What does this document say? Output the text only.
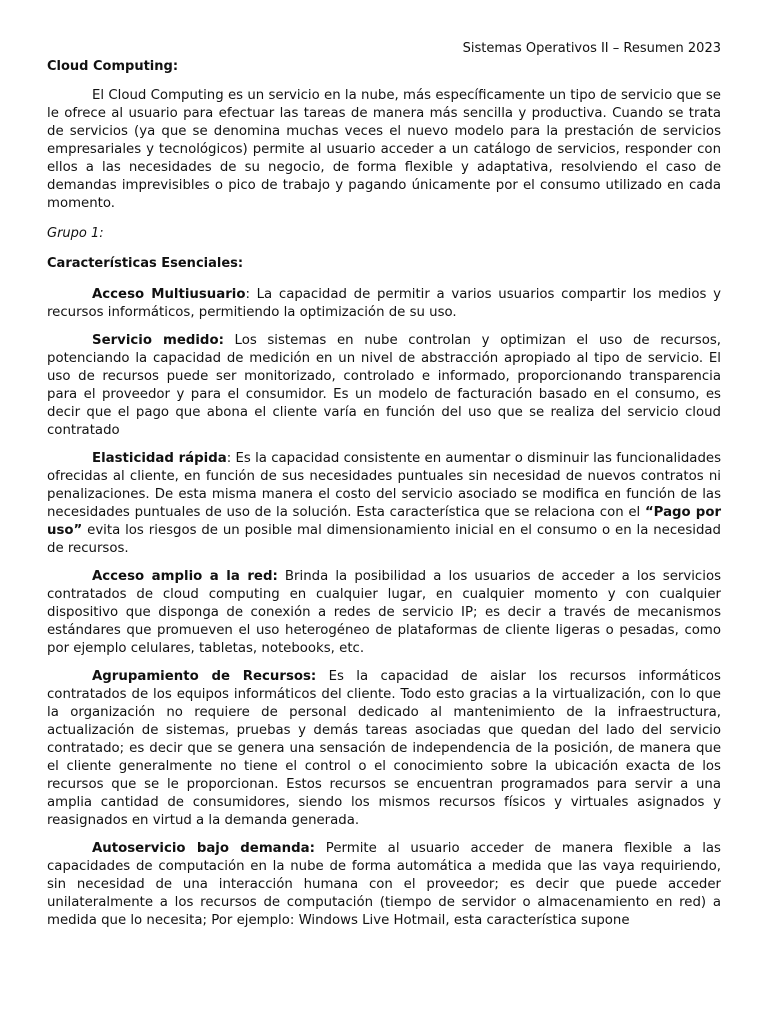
Sistemas Operativos II – Resumen 2023
Cloud Computing:

El Cloud Computing es un servicio en la nube, más específicamente un tipo de servicio que se le ofrece al usuario para efectuar las tareas de manera más sencilla y productiva. Cuando se trata de servicios (ya que se denomina muchas veces el nuevo modelo para la prestación de servicios empresariales y tecnológicos) permite al usuario acceder a un catálogo de servicios, responder con ellos a las necesidades de su negocio, de forma flexible y adaptativa, resolviendo el caso de demandas imprevisibles o pico de trabajo y pagando únicamente por el consumo utilizado en cada momento.

Grupo 1:
Características Esenciales:

Acceso Multiusuario: La capacidad de permitir a varios usuarios compartir los medios y recursos informáticos, permitiendo la optimización de su uso.

Servicio medido: Los sistemas en nube controlan y optimizan el uso de recursos, potenciando la capacidad de medición en un nivel de abstracción apropiado al tipo de servicio. El uso de recursos puede ser monitorizado, controlado e informado, proporcionando transparencia para el proveedor y para el consumidor. Es un modelo de facturación basado en el consumo, es decir que el pago que abona el cliente varía en función del uso que se realiza del servicio cloud contratado

Elasticidad rápida: Es la capacidad consistente en aumentar o disminuir las funcionalidades ofrecidas al cliente, en función de sus necesidades puntuales sin necesidad de nuevos contratos ni penalizaciones. De esta misma manera el costo del servicio asociado se modifica en función de las necesidades puntuales de uso de la solución. Esta característica que se relaciona con el “Pago por uso” evita los riesgos de un posible mal dimensionamiento inicial en el consumo o en la necesidad de recursos.

Acceso amplio a la red: Brinda la posibilidad a los usuarios de acceder a los servicios contratados de cloud computing en cualquier lugar, en cualquier momento y con cualquier dispositivo que disponga de conexión a redes de servicio IP; es decir a través de mecanismos estándares que promueven el uso heterogéneo de plataformas de cliente ligeras o pesadas, como por ejemplo celulares, tabletas, notebooks, etc.

Agrupamiento de Recursos: Es la capacidad de aislar los recursos informáticos contratados de los equipos informáticos del cliente. Todo esto gracias a la virtualización, con lo que la organización no requiere de personal dedicado al mantenimiento de la infraestructura, actualización de sistemas, pruebas y demás tareas asociadas que quedan del lado del servicio contratado; es decir que se genera una sensación de independencia de la posición, de manera que el cliente generalmente no tiene el control o el conocimiento sobre la ubicación exacta de los recursos que se le proporcionan. Estos recursos se encuentran programados para servir a una amplia cantidad de consumidores, siendo los mismos recursos físicos y virtuales asignados y reasignados en virtud a la demanda generada.

Autoservicio bajo demanda: Permite al usuario acceder de manera flexible a las capacidades de computación en la nube de forma automática a medida que las vaya requiriendo, sin necesidad de una interacción humana con el proveedor; es decir que puede acceder unilateralmente a los recursos de computación (tiempo de servidor o almacenamiento en red) a medida que lo necesita; Por ejemplo: Windows Live Hotmail, esta característica supone
